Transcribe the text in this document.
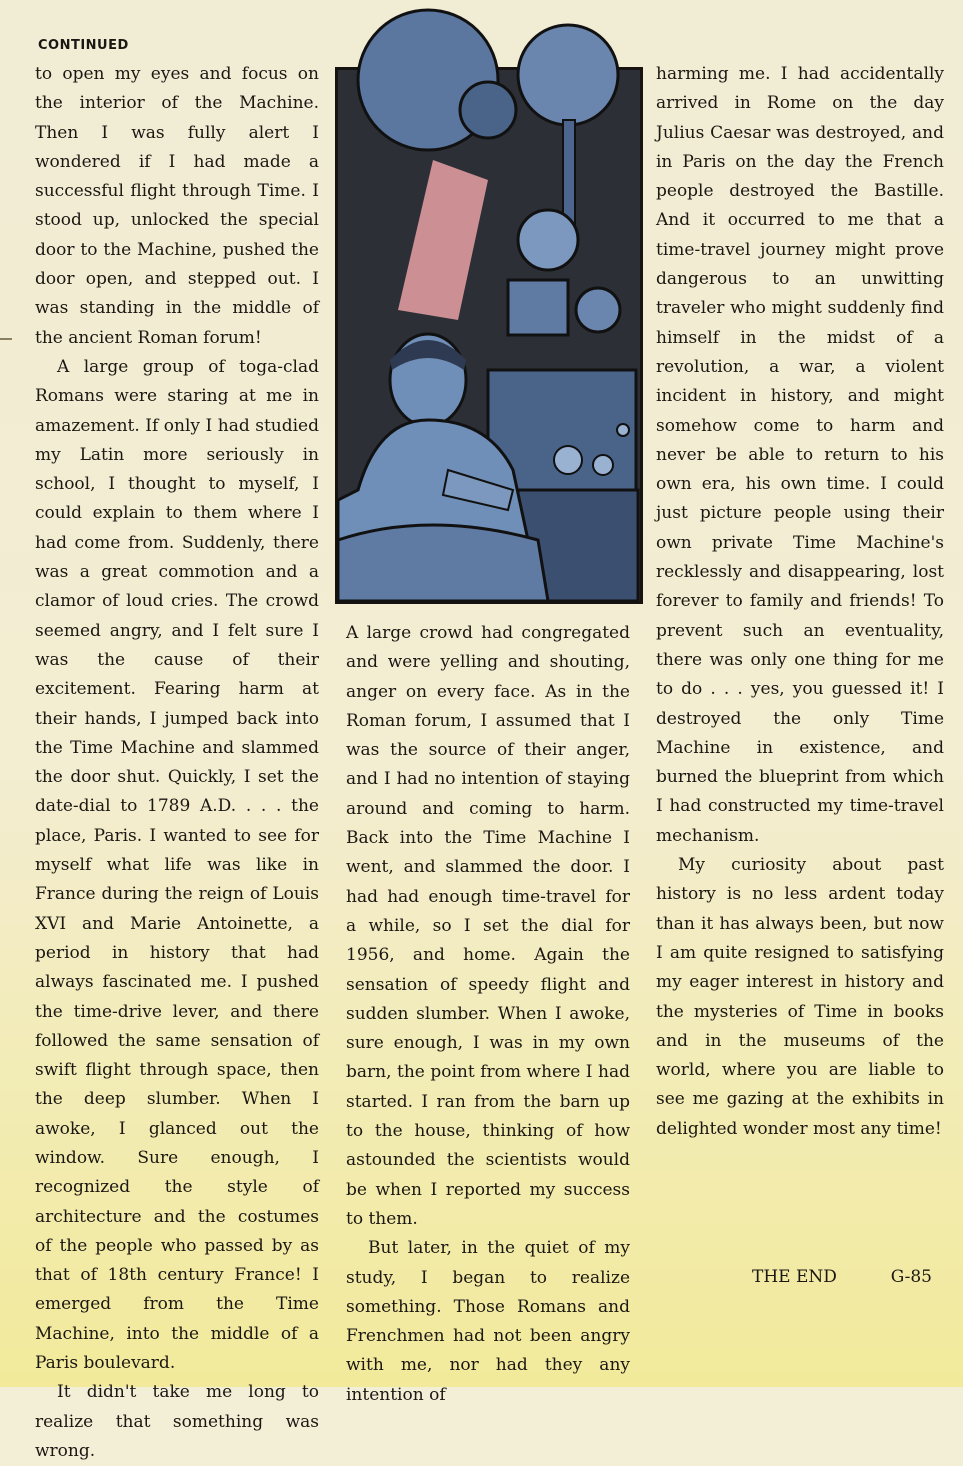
CONTINUED

to open my eyes and focus on the interior of the Machine. Then I was fully alert I wondered if I had made a successful flight through Time. I stood up, unlocked the special door to the Machine, pushed the door open, and stepped out. I was standing in the middle of the ancient Roman forum!

A large group of toga-clad Romans were staring at me in amazement. If only I had studied my Latin more seriously in school, I thought to myself, I could explain to them where I had come from. Suddenly, there was a great commotion and a clamor of loud cries. The crowd seemed angry, and I felt sure I was the cause of their excitement. Fearing harm at their hands, I jumped back into the Time Machine and slammed the door shut. Quickly, I set the date-dial to 1789 A.D. . . . the place, Paris. I wanted to see for myself what life was like in France during the reign of Louis XVI and Marie Antoinette, a period in history that had always fascinated me. I pushed the time-drive lever, and there followed the same sensation of swift flight through space, then the deep slumber. When I awoke, I glanced out the window. Sure enough, I recognized the style of architecture and the costumes of the people who passed by as that of 18th century France! I emerged from the Time Machine, into the middle of a Paris boulevard.

It didn't take me long to realize that something was wrong.

A large crowd had congregated and were yelling and shouting, anger on every face. As in the Roman forum, I assumed that I was the source of their anger, and I had no intention of staying around and coming to harm. Back into the Time Machine I went, and slammed the door. I had had enough time-travel for a while, so I set the dial for 1956, and home. Again the sensation of speedy flight and sudden slumber. When I awoke, sure enough, I was in my own barn, the point from where I had started. I ran from the barn up to the house, thinking of how astounded the scientists would be when I reported my success to them.

But later, in the quiet of my study, I began to realize something. Those Romans and Frenchmen had not been angry with me, nor had they any intention of

harming me. I had accidentally arrived in Rome on the day Julius Caesar was destroyed, and in Paris on the day the French people destroyed the Bastille. And it occurred to me that a time-travel journey might prove dangerous to an unwitting traveler who might suddenly find himself in the midst of a revolution, a war, a violent incident in history, and might somehow come to harm and never be able to return to his own era, his own time. I could just picture people using their own private Time Machine's recklessly and disappearing, lost forever to family and friends! To prevent such an eventuality, there was only one thing for me to do . . . yes, you guessed it! I destroyed the only Time Machine in existence, and burned the blueprint from which I had constructed my time-travel mechanism.

My curiosity about past history is no less ardent today than it has always been, but now I am quite resigned to satisfying my eager interest in history and the mysteries of Time in books and in the museums of the world, where you are liable to see me gazing at the exhibits in delighted wonder most any time!

THE END	G-85
